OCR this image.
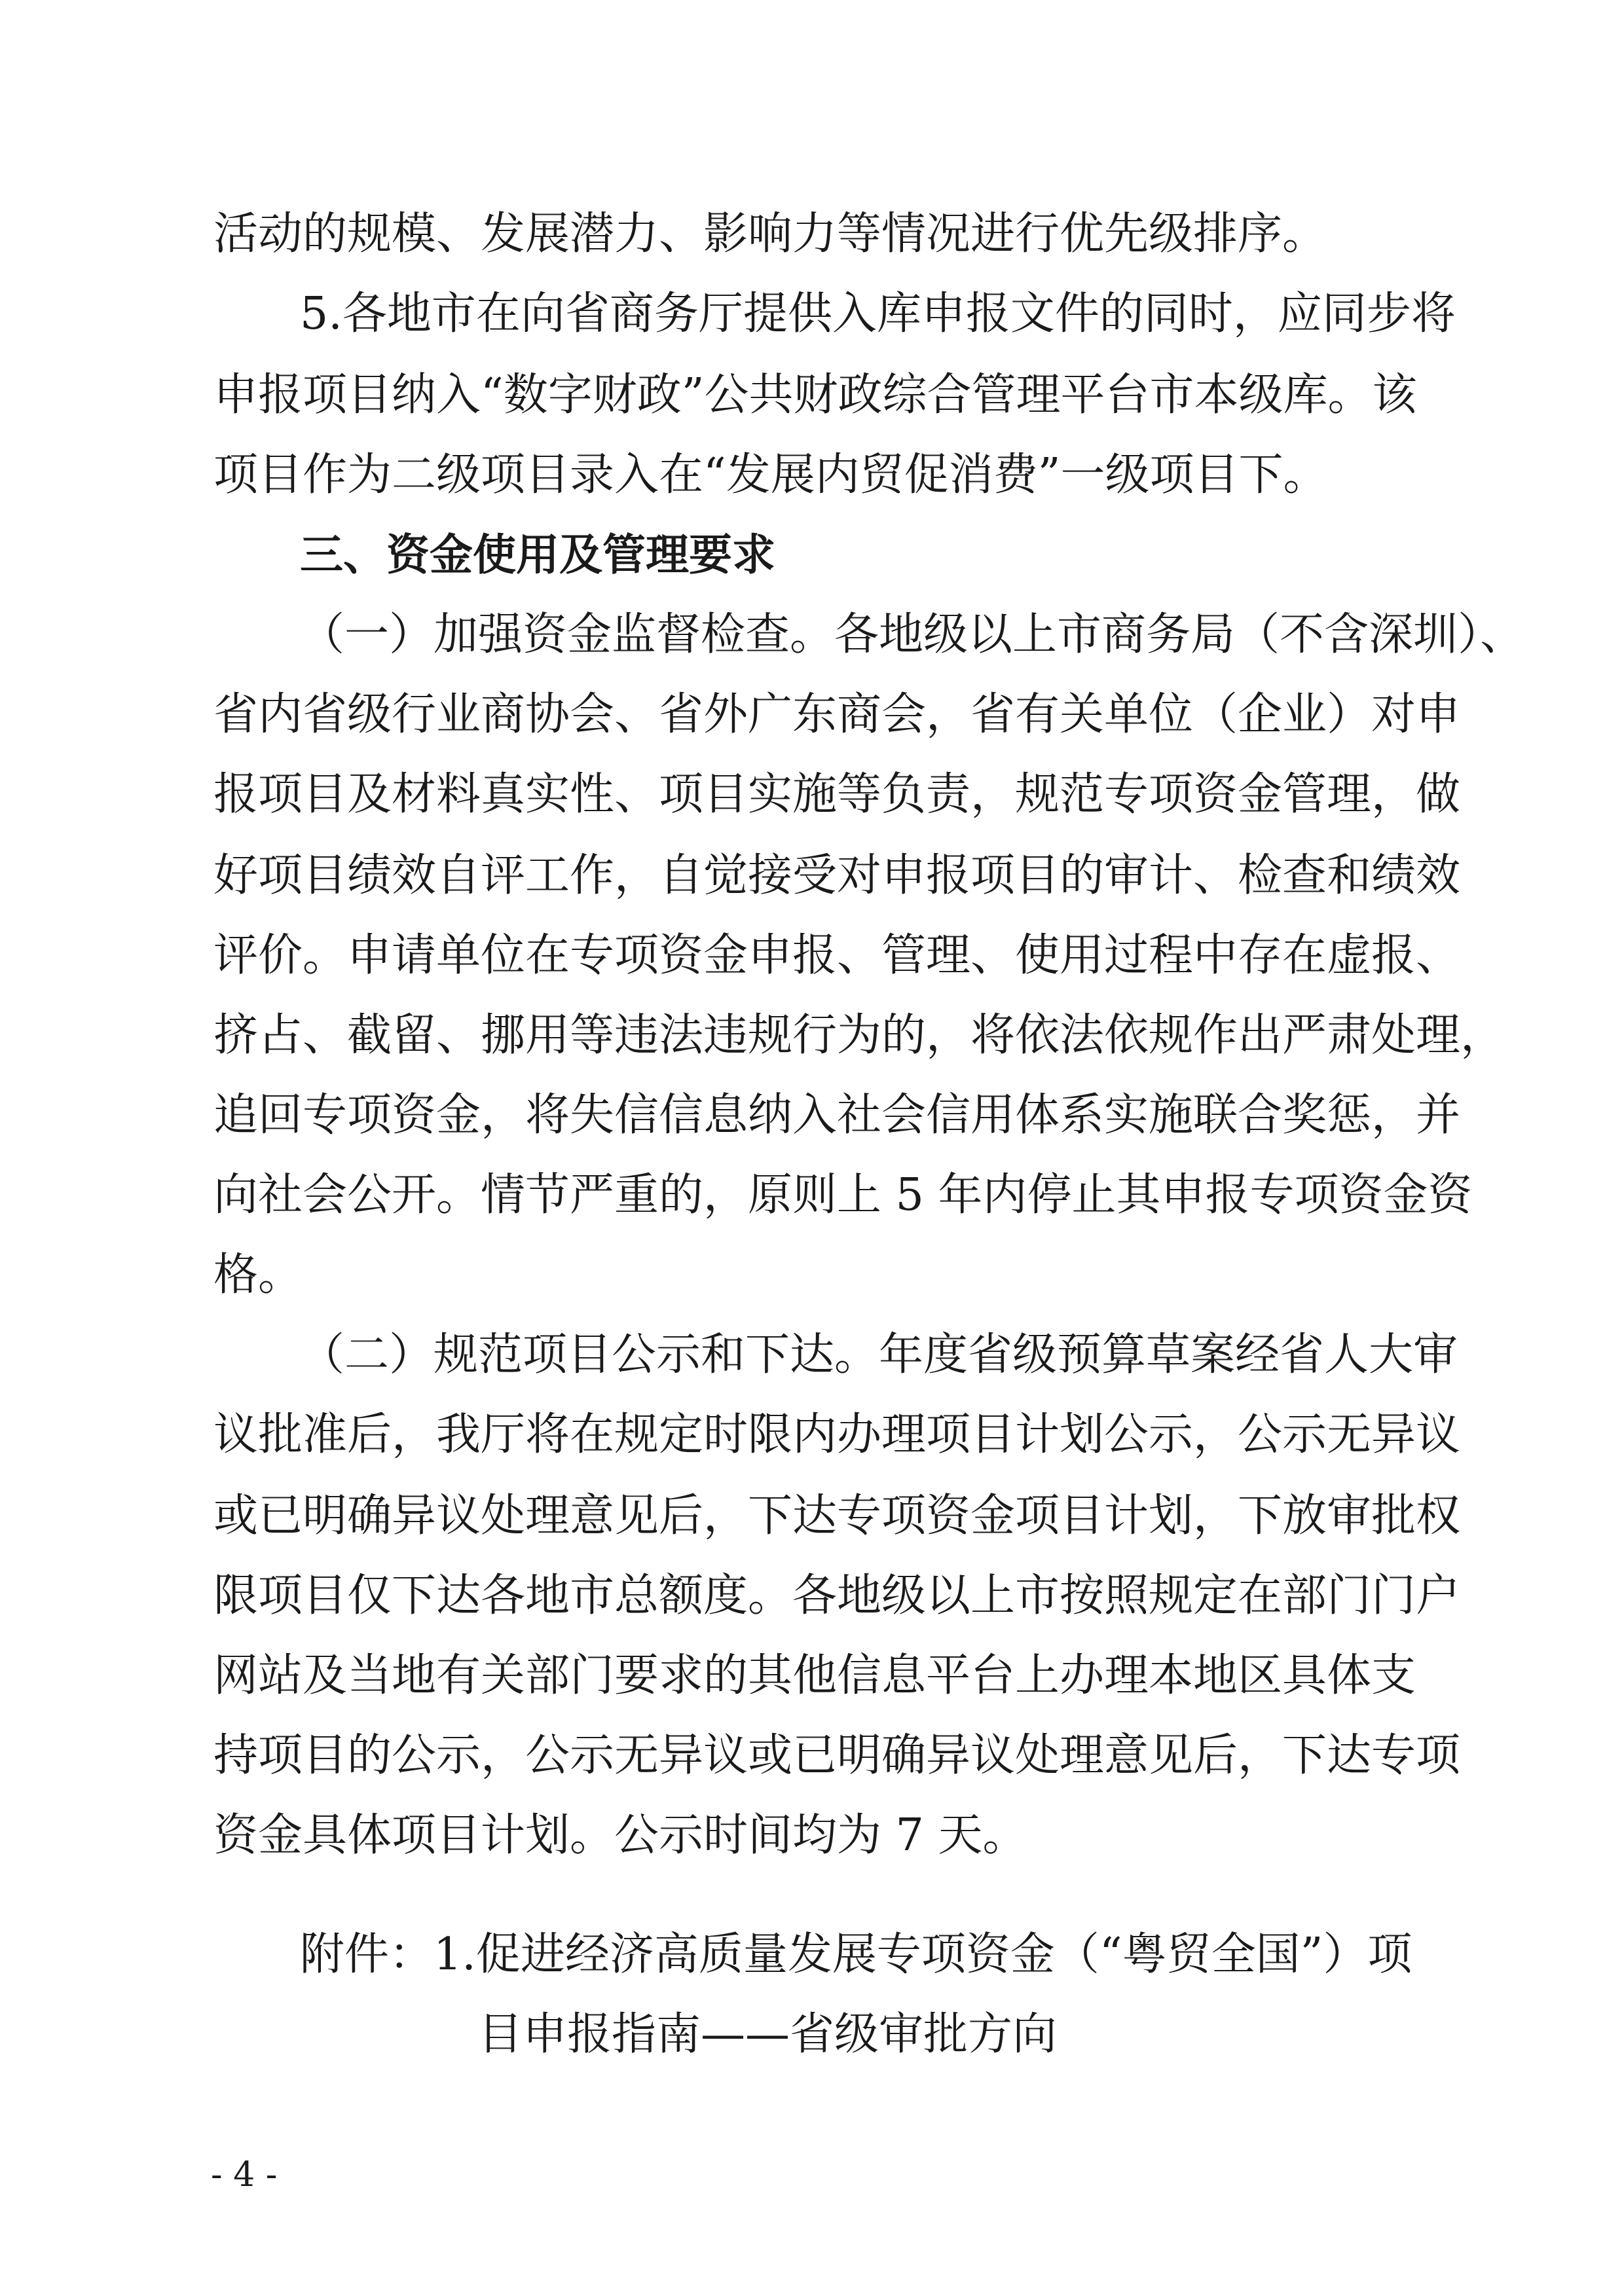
活动的规模、发展潜力、影响力等情况进行优先级排序。
5.各地市在向省商务厅提供入库申报文件的同时，应同步将
申报项目纳入“数字财政”公共财政综合管理平台市本级库。该
项目作为二级项目录入在“发展内贸促消费”一级项目下。
三、资金使用及管理要求
（一）加强资金监督检查。各地级以上市商务局（不含深圳）、
省内省级行业商协会、省外广东商会，省有关单位（企业）对申
报项目及材料真实性、项目实施等负责，规范专项资金管理，做
好项目绩效自评工作，自觉接受对申报项目的审计、检查和绩效
评价。申请单位在专项资金申报、管理、使用过程中存在虚报、
挤占、截留、挪用等违法违规行为的，将依法依规作出严肃处理，
追回专项资金，将失信信息纳入社会信用体系实施联合奖惩，并
向社会公开。情节严重的，原则上 5 年内停止其申报专项资金资
格。
（二）规范项目公示和下达。年度省级预算草案经省人大审
议批准后，我厅将在规定时限内办理项目计划公示，公示无异议
或已明确异议处理意见后，下达专项资金项目计划，下放审批权
限项目仅下达各地市总额度。各地级以上市按照规定在部门门户
网站及当地有关部门要求的其他信息平台上办理本地区具体支
持项目的公示，公示无异议或已明确异议处理意见后，下达专项
资金具体项目计划。公示时间均为 7 天。
附件：1.促进经济高质量发展专项资金（“粤贸全国”）项
目申报指南——省级审批方向
- 4 -
